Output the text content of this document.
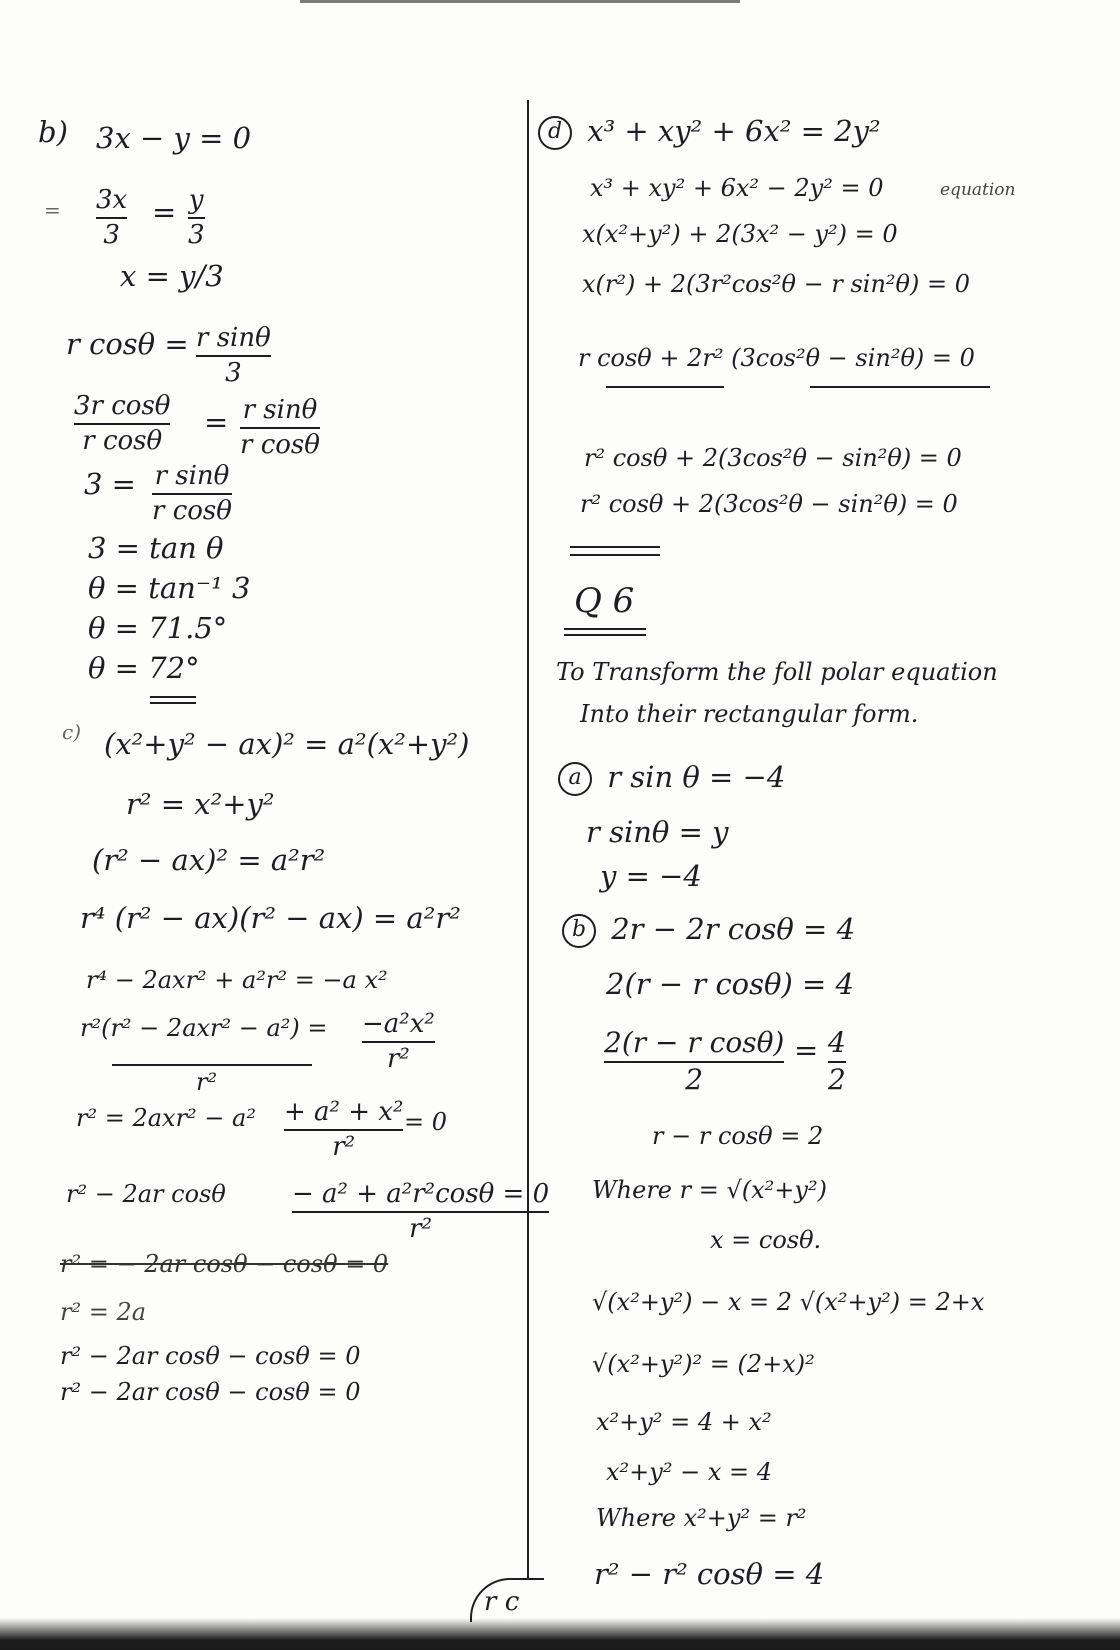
b) 3x − y = 0
= 3x
3
= y
3
x = y/3
r cosθ = r sinθ
3
3r cosθ
r cosθ
= r sinθ
r cosθ
3 = r sinθ
r cosθ
3 = tan θ
θ = tan⁻¹ 3
θ = 71.5°
θ = 72°
c) (x²+y² − ax)² = a²(x²+y²)
r² = x²+y²
(r² − ax)² = a²r²
r⁴ (r² − ax)(r² − ax) = a²r²
r⁴ − 2axr² + a²r² = −a x²
r²(r² − 2axr² − a²) =
r²
−a²x²
r²
r² = 2axr² − a² + a² + x²
r²
= 0
r² − 2ar cosθ	− a² + a²r²cosθ = 0
r²
r² = − 2ar cosθ − cosθ = 0
r² = 2a
r² − 2ar cosθ − cosθ = 0
r² − 2ar cosθ − cosθ = 0
d x³ + xy² + 6x² = 2y²
x³ + xy² + 6x² − 2y² = 0	equation
x(x²+y²) + 2(3x² − y²) = 0
x(r²) + 2(3r²cos²θ − r sin²θ) = 0
r cosθ + 2r² (3cos²θ − sin²θ) = 0
r² cosθ + 2(3cos²θ − sin²θ) = 0
r² cosθ + 2(3cos²θ − sin²θ) = 0
Q 6
To Transform the foll polar equation
Into their rectangular form.
a r sin θ = −4
r sinθ = y
y = −4
b 2r − 2r cosθ = 4
2(r − r cosθ) = 4
2(r − r cosθ)
2
= 4
2
r − r cosθ = 2
Where r = √(x²+y²)
x = cosθ.
√(x²+y²) − x = 2 √(x²+y²) = 2+x
√(x²+y²)² = (2+x)²
x²+y² = 4 + x²
x²+y² − x = 4
Where x²+y² = r²
r² − r² cosθ = 4
r c
